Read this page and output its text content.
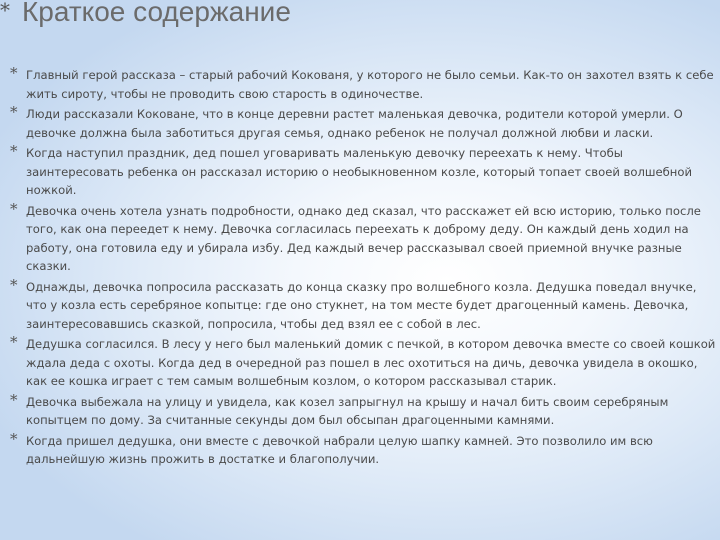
* Краткое содержание
* Главный герой рассказа – старый рабочий Кокованя, у которого не было семьи. Как-то он захотел взять к себе жить сироту, чтобы не проводить свою старость в одиночестве.
* Люди рассказали Коковане, что в конце деревни растет маленькая девочка, родители которой умерли. О девочке должна была заботиться другая семья, однако ребенок не получал должной любви и ласки.
* Когда наступил праздник, дед пошел уговаривать маленькую девочку переехать к нему. Чтобы заинтересовать ребенка он рассказал историю о необыкновенном козле, который топает своей волшебной ножкой.
* Девочка очень хотела узнать подробности, однако дед сказал, что расскажет ей всю историю, только после того, как она переедет к нему. Девочка согласилась переехать к доброму деду. Он каждый день ходил на работу, она готовила еду и убирала избу. Дед каждый вечер рассказывал своей приемной внучке разные сказки.
* Однажды, девочка попросила рассказать до конца сказку про волшебного козла. Дедушка поведал внучке, что у козла есть серебряное копытце: где оно стукнет, на том месте будет драгоценный камень. Девочка, заинтересовавшись сказкой, попросила, чтобы дед взял ее с собой в лес.
* Дедушка согласился. В лесу у него был маленький домик с печкой, в котором девочка вместе со своей кошкой ждала деда с охоты. Когда дед в очередной раз пошел в лес охотиться на дичь, девочка увидела в окошко, как ее кошка играет с тем самым волшебным козлом, о котором рассказывал старик.
* Девочка выбежала на улицу и увидела, как козел запрыгнул на крышу и начал бить своим серебряным копытцем по дому. За считанные секунды дом был обсыпан драгоценными камнями.
* Когда пришел дедушка, они вместе с девочкой набрали целую шапку камней. Это позволило им всю дальнейшую жизнь прожить в достатке и благополучии.
